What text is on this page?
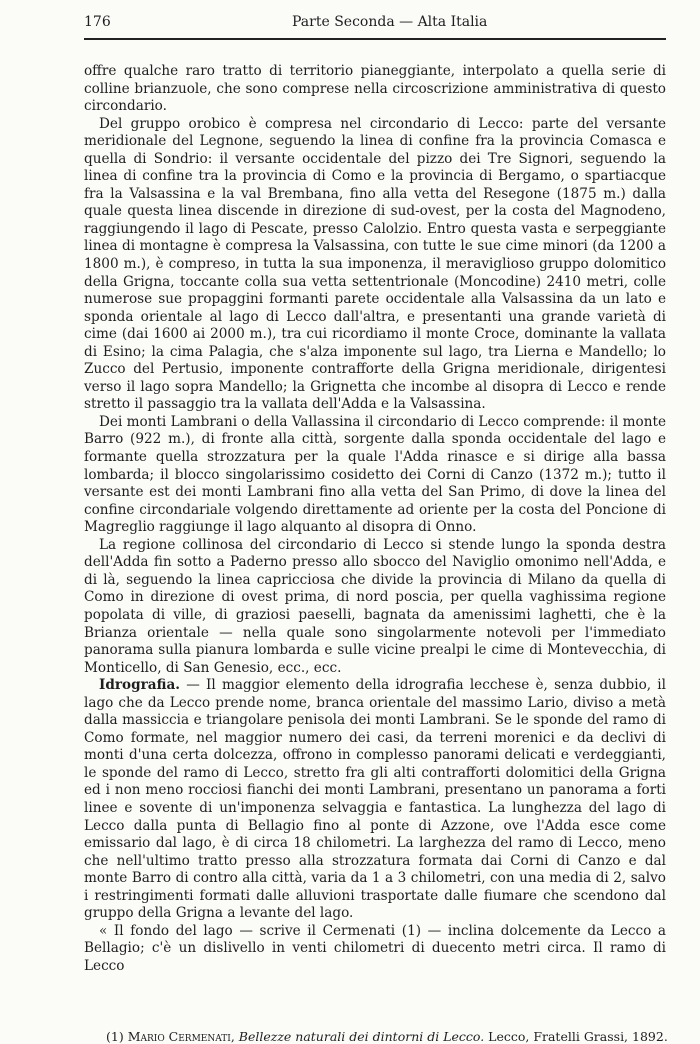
176	Parte Seconda — Alta Italia

offre qualche raro tratto di territorio pianeggiante, interpolato a quella serie di colline brianzuole, che sono comprese nella circoscrizione amministrativa di questo circondario.

Del gruppo orobico è compresa nel circondario di Lecco: parte del versante meridionale del Legnone, seguendo la linea di confine fra la provincia Comasca e quella di Sondrio: il versante occidentale del pizzo dei Tre Signori, seguendo la linea di confine tra la provincia di Como e la provincia di Bergamo, o spartiacque fra la Valsassina e la val Brembana, fino alla vetta del Resegone (1875 m.) dalla quale questa linea discende in direzione di sud-ovest, per la costa del Magnodeno, raggiungendo il lago di Pescate, presso Calolzio. Entro questa vasta e serpeggiante linea di montagne è compresa la Valsassina, con tutte le sue cime minori (da 1200 a 1800 m.), è compreso, in tutta la sua imponenza, il meraviglioso gruppo dolomitico della Grigna, toccante colla sua vetta settentrionale (Moncodine) 2410 metri, colle numerose sue propaggini formanti parete occidentale alla Valsassina da un lato e sponda orientale al lago di Lecco dall'altra, e presentanti una grande varietà di cime (dai 1600 ai 2000 m.), tra cui ricordiamo il monte Croce, dominante la vallata di Esino; la cima Palagia, che s'alza imponente sul lago, tra Lierna e Mandello; lo Zucco del Pertusio, imponente contrafforte della Grigna meridionale, dirigentesi verso il lago sopra Mandello; la Grignetta che incombe al disopra di Lecco e rende stretto il passaggio tra la vallata dell'Adda e la Valsassina.

Dei monti Lambrani o della Vallassina il circondario di Lecco comprende: il monte Barro (922 m.), di fronte alla città, sorgente dalla sponda occidentale del lago e formante quella strozzatura per la quale l'Adda rinasce e si dirige alla bassa lombarda; il blocco singolarissimo cosidetto dei Corni di Canzo (1372 m.); tutto il versante est dei monti Lambrani fino alla vetta del San Primo, di dove la linea del confine circondariale volgendo direttamente ad oriente per la costa del Poncione di Magreglio raggiunge il lago alquanto al disopra di Onno.

La regione collinosa del circondario di Lecco si stende lungo la sponda destra dell'Adda fin sotto a Paderno presso allo sbocco del Naviglio omonimo nell'Adda, e di là, seguendo la linea capricciosa che divide la provincia di Milano da quella di Como in direzione di ovest prima, di nord poscia, per quella vaghissima regione popolata di ville, di graziosi paeselli, bagnata da amenissimi laghetti, che è la Brianza orientale — nella quale sono singolarmente notevoli per l'immediato panorama sulla pianura lombarda e sulle vicine prealpi le cime di Montevecchia, di Monticello, di San Genesio, ecc., ecc.

Idrografia. — Il maggior elemento della idrografia lecchese è, senza dubbio, il lago che da Lecco prende nome, branca orientale del massimo Lario, diviso a metà dalla massiccia e triangolare penisola dei monti Lambrani. Se le sponde del ramo di Como formate, nel maggior numero dei casi, da terreni morenici e da declivi di monti d'una certa dolcezza, offrono in complesso panorami delicati e verdeggianti, le sponde del ramo di Lecco, stretto fra gli alti contrafforti dolomitici della Grigna ed i non meno rocciosi fianchi dei monti Lambrani, presentano un panorama a forti linee e sovente di un'imponenza selvaggia e fantastica. La lunghezza del lago di Lecco dalla punta di Bellagio fino al ponte di Azzone, ove l'Adda esce come emissario dal lago, è di circa 18 chilometri. La larghezza del ramo di Lecco, meno che nell'ultimo tratto presso alla strozzatura formata dai Corni di Canzo e dal monte Barro di contro alla città, varia da 1 a 3 chilometri, con una media di 2, salvo i restringimenti formati dalle alluvioni trasportate dalle fiumare che scendono dal gruppo della Grigna a levante del lago.

« Il fondo del lago — scrive il Cermenati (1) — inclina dolcemente da Lecco a Bellagio; c'è un dislivello in venti chilometri di duecento metri circa. Il ramo di Lecco

(1) Mario Cermenati, Bellezze naturali dei dintorni di Lecco. Lecco, Fratelli Grassi, 1892.
